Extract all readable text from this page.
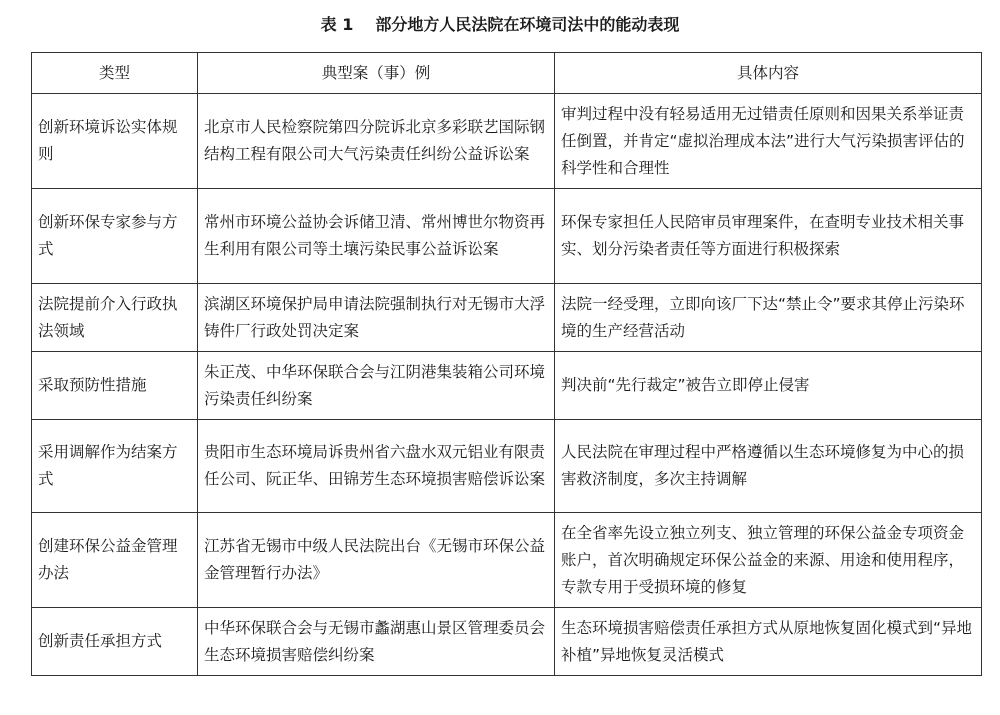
表 1 部分地方人民法院在环境司法中的能动表现
类型	典型案（事）例	具体内容
创新环境诉讼实体规则	北京市人民检察院第四分院诉北京多彩联艺国际钢结构工程有限公司大气污染责任纠纷公益诉讼案	审判过程中没有轻易适用无过错责任原则和因果关系举证责任倒置，并肯定“虚拟治理成本法”进行大气污染损害评估的科学性和合理性
创新环保专家参与方式	常州市环境公益协会诉储卫清、常州博世尔物资再生利用有限公司等土壤污染民事公益诉讼案	环保专家担任人民陪审员审理案件，在查明专业技术相关事实、划分污染者责任等方面进行积极探索
法院提前介入行政执法领域	滨湖区环境保护局申请法院强制执行对无锡市大浮铸件厂行政处罚决定案	法院一经受理，立即向该厂下达“禁止令”要求其停止污染环境的生产经营活动
采取预防性措施	朱正茂、中华环保联合会与江阴港集装箱公司环境污染责任纠纷案	判决前“先行裁定”被告立即停止侵害
采用调解作为结案方式	贵阳市生态环境局诉贵州省六盘水双元铝业有限责任公司、阮正华、田锦芳生态环境损害赔偿诉讼案	人民法院在审理过程中严格遵循以生态环境修复为中心的损害救济制度，多次主持调解
创建环保公益金管理办法	江苏省无锡市中级人民法院出台《无锡市环保公益金管理暂行办法》	在全省率先设立独立列支、独立管理的环保公益金专项资金账户，首次明确规定环保公益金的来源、用途和使用程序，专款专用于受损环境的修复
创新责任承担方式	中华环保联合会与无锡市蠡湖惠山景区管理委员会生态环境损害赔偿纠纷案	生态环境损害赔偿责任承担方式从原地恢复固化模式到“异地补植”异地恢复灵活模式
